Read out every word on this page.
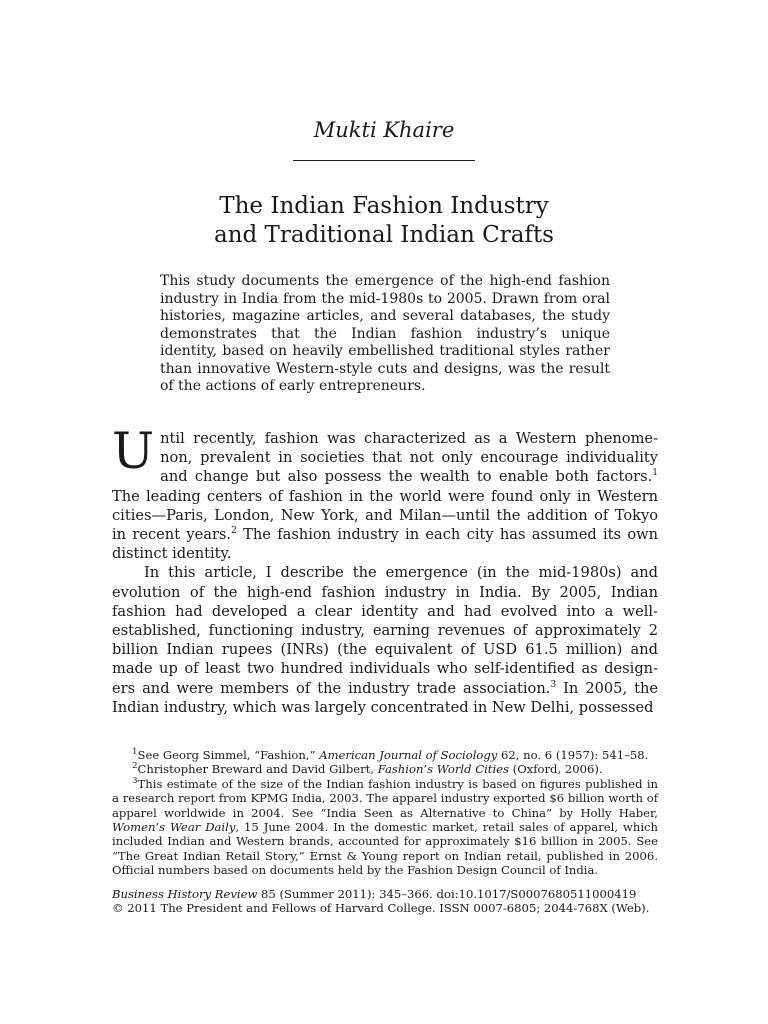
Mukti Khaire
The Indian Fashion Industry
and Traditional Indian Crafts
This study documents the emergence of the high-end fashion industry in India from the mid-1980s to 2005. Drawn from oral histories, magazine articles, and several databases, the study demonstrates that the Indian fashion industry’s unique identity, based on heavily embellished traditional styles rather than innovative Western-style cuts and designs, was the result of the actions of early entrepreneurs.

Until recently, fashion was characterized as a Western phenome-non, prevalent in societies that not only encourage individuality and change but also possess the wealth to enable both factors.$^1$ The leading centers of fashion in the world were found only in Western cities—Paris, London, New York, and Milan—until the addition of Tokyo in recent years.$^2$ The fashion industry in each city has assumed its own distinct identity.

In this article, I describe the emergence (in the mid-1980s) and evolution of the high-end fashion industry in India. By 2005, Indian fashion had developed a clear identity and had evolved into a well-established, functioning industry, earning revenues of approximately 2 billion Indian rupees (INRs) (the equivalent of USD 61.5 million) and made up of least two hundred individuals who self-identified as design-ers and were members of the industry trade association.$^3$ In 2005, the Indian industry, which was largely concentrated in New Delhi, possessed

$^1$See Georg Simmel, “Fashion,” American Journal of Sociology 62, no. 6 (1957): 541–58.

$^2$Christopher Breward and David Gilbert, Fashion’s World Cities (Oxford, 2006).

$^3$This estimate of the size of the Indian fashion industry is based on figures published in a research report from KPMG India, 2003. The apparel industry exported $6 billion worth of apparel worldwide in 2004. See “India Seen as Alternative to China” by Holly Haber, Women’s Wear Daily, 15 June 2004. In the domestic market, retail sales of apparel, which included Indian and Western brands, accounted for approximately $16 billion in 2005. See “The Great Indian Retail Story,” Ernst & Young report on Indian retail, published in 2006. Official numbers based on documents held by the Fashion Design Council of India.

Business History Review 85 (Summer 2011): 345–366. doi:10.1017/S0007680511000419

© 2011 The President and Fellows of Harvard College. ISSN 0007-6805; 2044-768X (Web).
